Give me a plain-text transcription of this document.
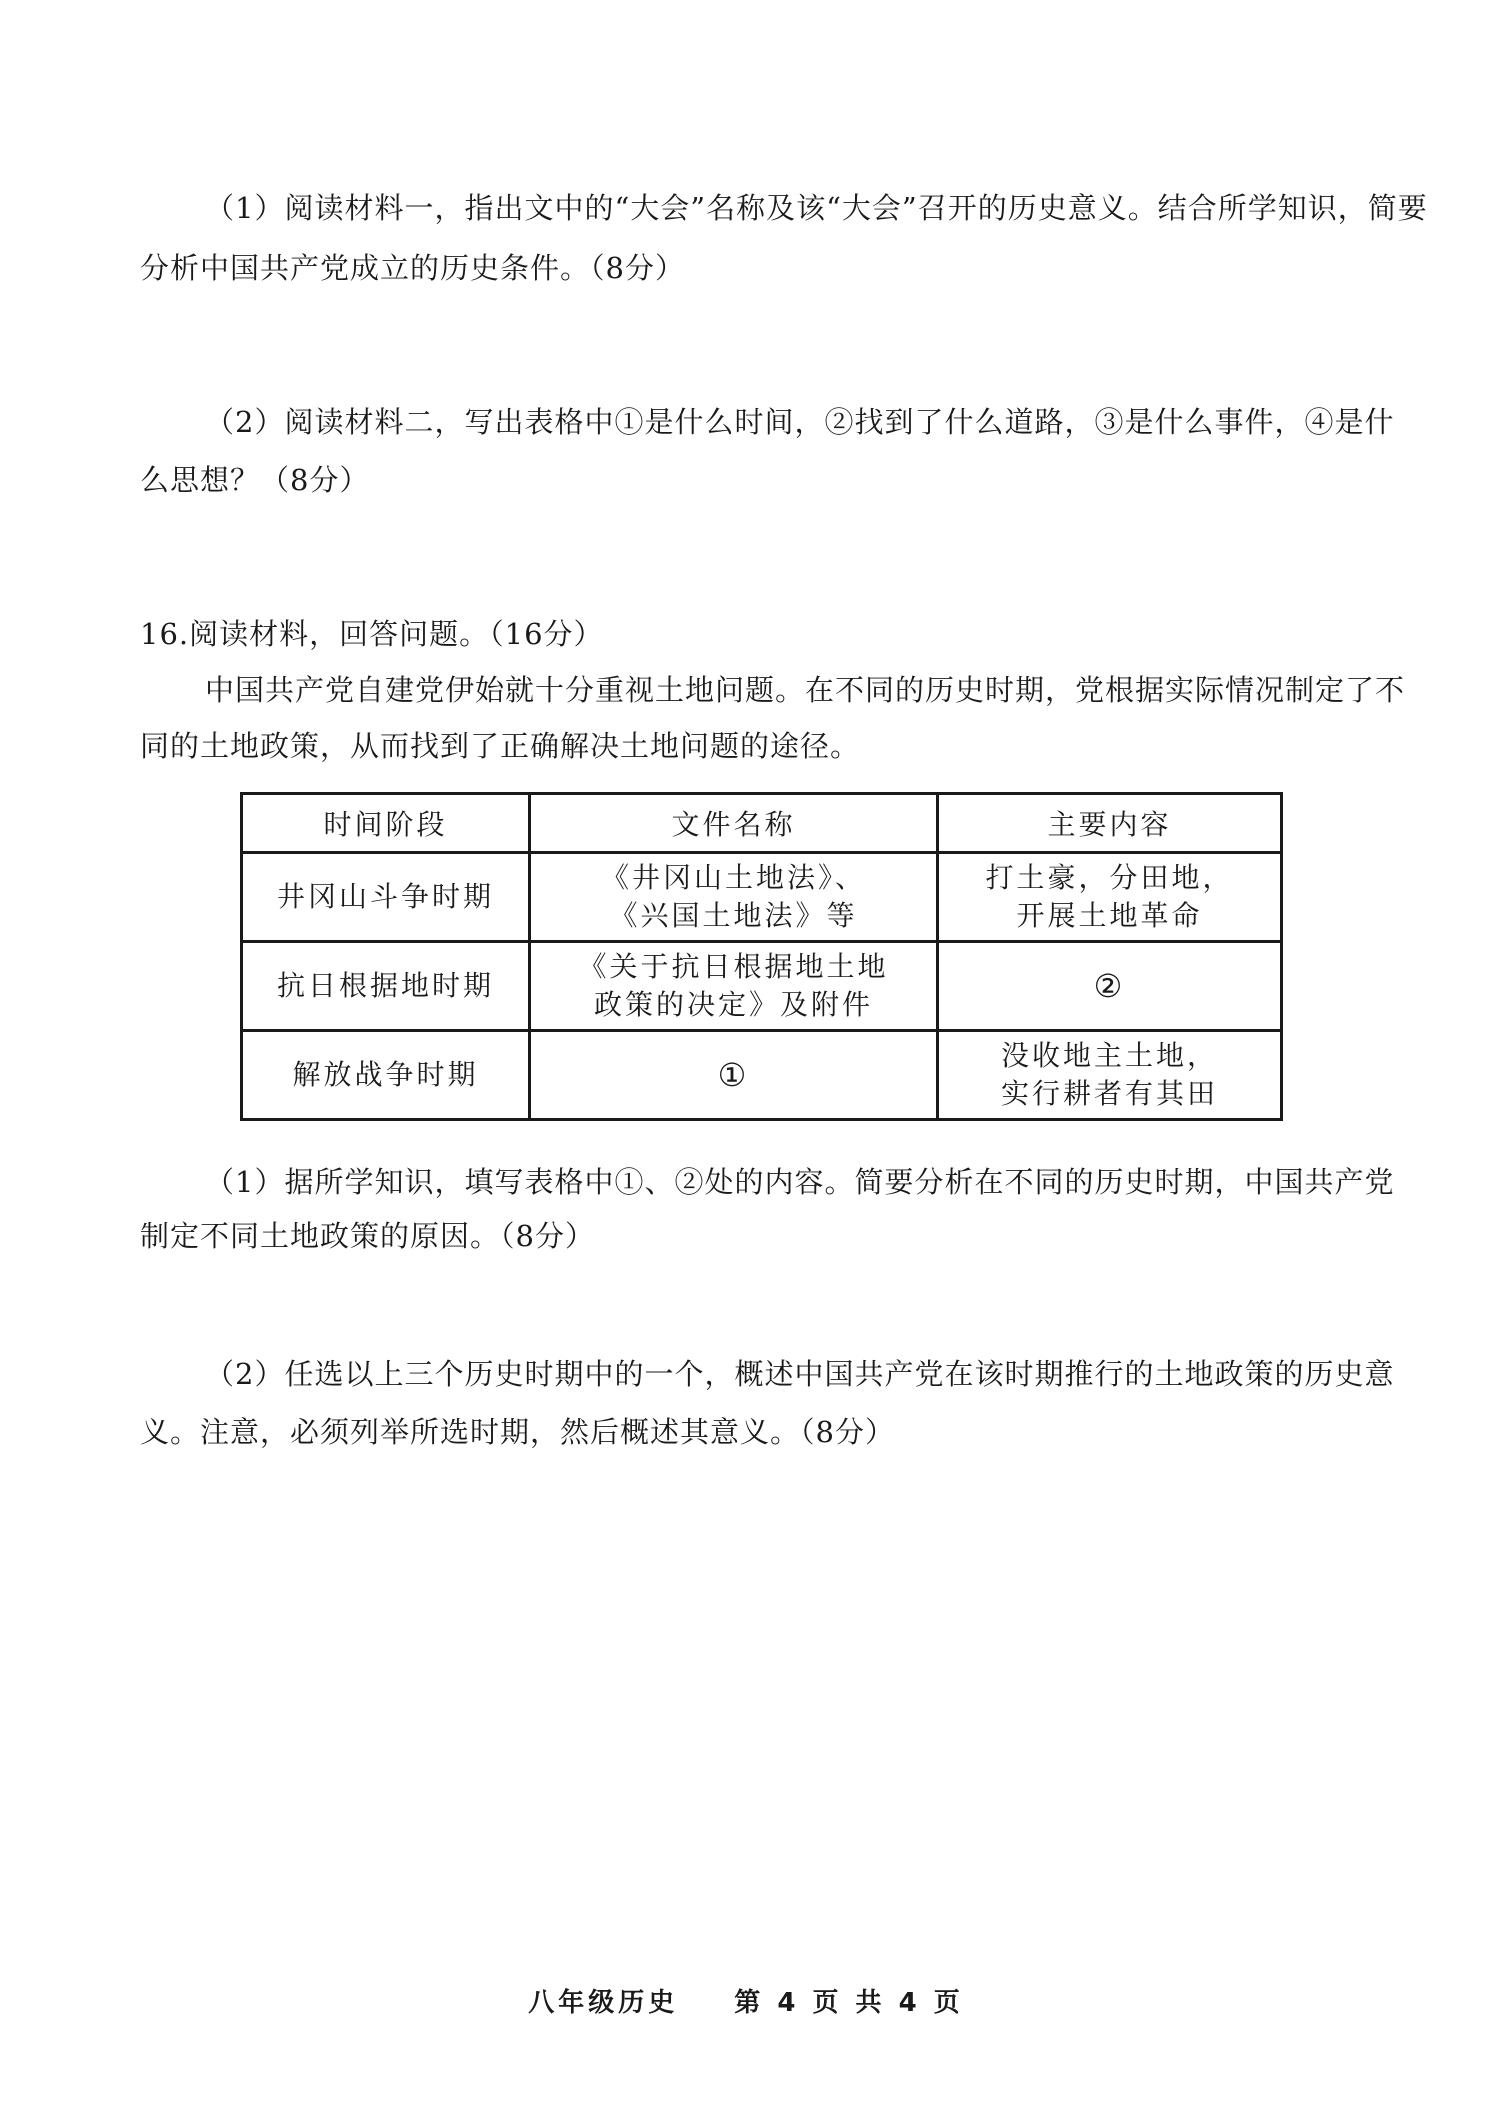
（1）阅读材料一，指出文中的“大会”名称及该“大会”召开的历史意义。结合所学知识，简要
分析中国共产党成立的历史条件。（8分）
（2）阅读材料二，写出表格中①是什么时间，②找到了什么道路，③是什么事件，④是什
么思想？（8分）
16.阅读材料，回答问题。（16分）
中国共产党自建党伊始就十分重视土地问题。在不同的历史时期，党根据实际情况制定了不
同的土地政策，从而找到了正确解决土地问题的途径。
时间阶段	文件名称	主要内容
井冈山斗争时期	《井冈山土地法》、
《兴国土地法》等	打土豪，分田地，
开展土地革命

抗日根据地时期	《关于抗日根据地土地
政策的决定》及附件	②
解放战争时期	①	没收地主土地，
实行耕者有其田
（1）据所学知识，填写表格中①、②处的内容。简要分析在不同的历史时期，中国共产党
制定不同土地政策的原因。（8分）
（2）任选以上三个历史时期中的一个，概述中国共产党在该时期推行的土地政策的历史意
义。注意，必须列举所选时期，然后概述其意义。（8分）
八年级历史 第 4 页 共 4 页
